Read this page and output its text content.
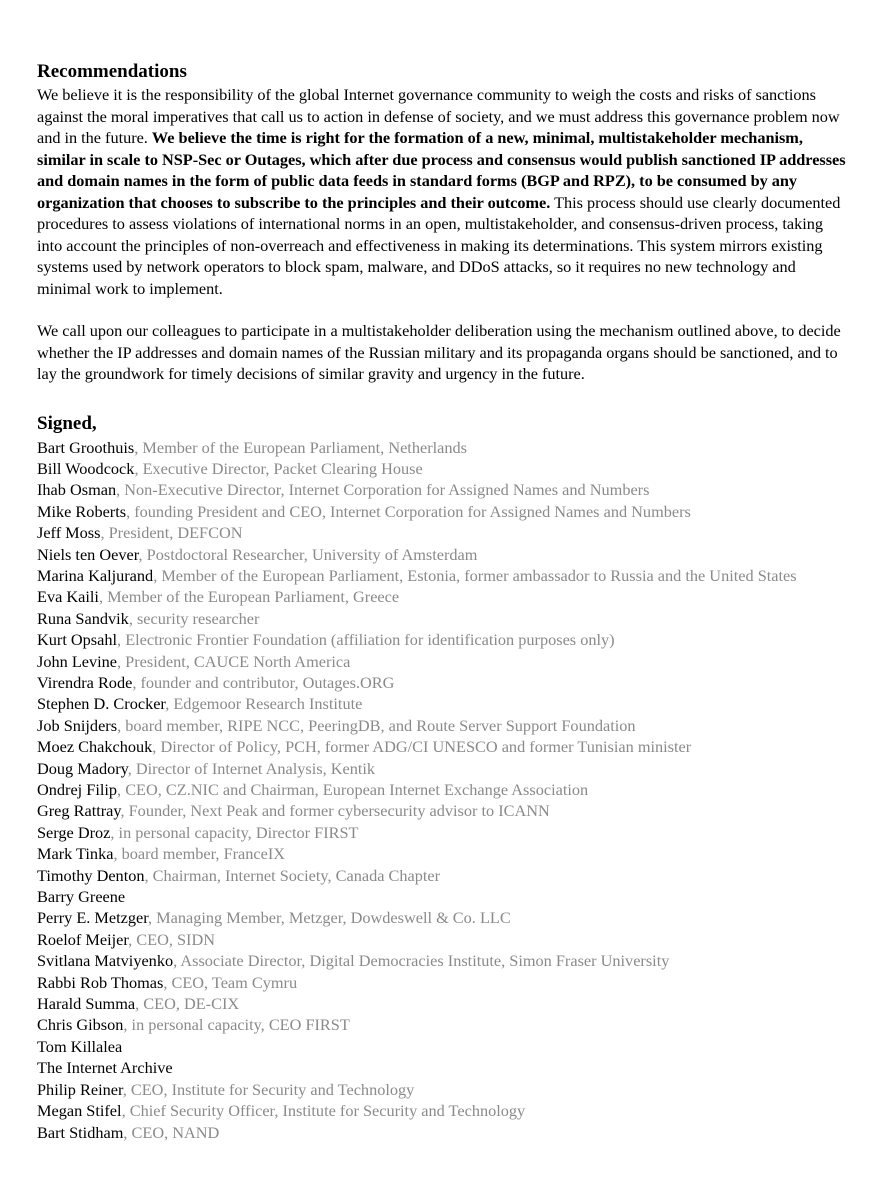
Recommendations

We believe it is the responsibility of the global Internet governance community to weigh the costs and risks of sanctions against the moral imperatives that call us to action in defense of society, and we must address this governance problem now and in the future. We believe the time is right for the formation of a new, minimal, multistakeholder mechanism, similar in scale to NSP-Sec or Outages, which after due process and consensus would publish sanctioned IP addresses and domain names in the form of public data feeds in standard forms (BGP and RPZ), to be consumed by any organization that chooses to subscribe to the principles and their outcome. This process should use clearly documented procedures to assess violations of international norms in an open, multistakeholder, and consensus-driven process, taking into account the principles of non-overreach and effectiveness in making its determinations. This system mirrors existing systems used by network operators to block spam, malware, and DDoS attacks, so it requires no new technology and minimal work to implement.

We call upon our colleagues to participate in a multistakeholder deliberation using the mechanism outlined above, to decide whether the IP addresses and domain names of the Russian military and its propaganda organs should be sanctioned, and to lay the groundwork for timely decisions of similar gravity and urgency in the future.

Signed,
Bart Groothuis, Member of the European Parliament, Netherlands
Bill Woodcock, Executive Director, Packet Clearing House
Ihab Osman, Non-Executive Director, Internet Corporation for Assigned Names and Numbers
Mike Roberts, founding President and CEO, Internet Corporation for Assigned Names and Numbers
Jeff Moss, President, DEFCON
Niels ten Oever, Postdoctoral Researcher, University of Amsterdam
Marina Kaljurand, Member of the European Parliament, Estonia, former ambassador to Russia and the United States
Eva Kaili, Member of the European Parliament, Greece
Runa Sandvik, security researcher
Kurt Opsahl, Electronic Frontier Foundation (affiliation for identification purposes only)
John Levine, President, CAUCE North America
Virendra Rode, founder and contributor, Outages.ORG
Stephen D. Crocker, Edgemoor Research Institute
Job Snijders, board member, RIPE NCC, PeeringDB, and Route Server Support Foundation
Moez Chakchouk, Director of Policy, PCH, former ADG/CI UNESCO and former Tunisian minister
Doug Madory, Director of Internet Analysis, Kentik
Ondrej Filip, CEO, CZ.NIC and Chairman, European Internet Exchange Association
Greg Rattray, Founder, Next Peak and former cybersecurity advisor to ICANN
Serge Droz, in personal capacity, Director FIRST
Mark Tinka, board member, FranceIX
Timothy Denton, Chairman, Internet Society, Canada Chapter
Barry Greene
Perry E. Metzger, Managing Member, Metzger, Dowdeswell & Co. LLC
Roelof Meijer, CEO, SIDN
Svitlana Matviyenko, Associate Director, Digital Democracies Institute, Simon Fraser University
Rabbi Rob Thomas, CEO, Team Cymru
Harald Summa, CEO, DE-CIX
Chris Gibson, in personal capacity, CEO FIRST
Tom Killalea
The Internet Archive
Philip Reiner, CEO, Institute for Security and Technology
Megan Stifel, Chief Security Officer, Institute for Security and Technology
Bart Stidham, CEO, NAND
